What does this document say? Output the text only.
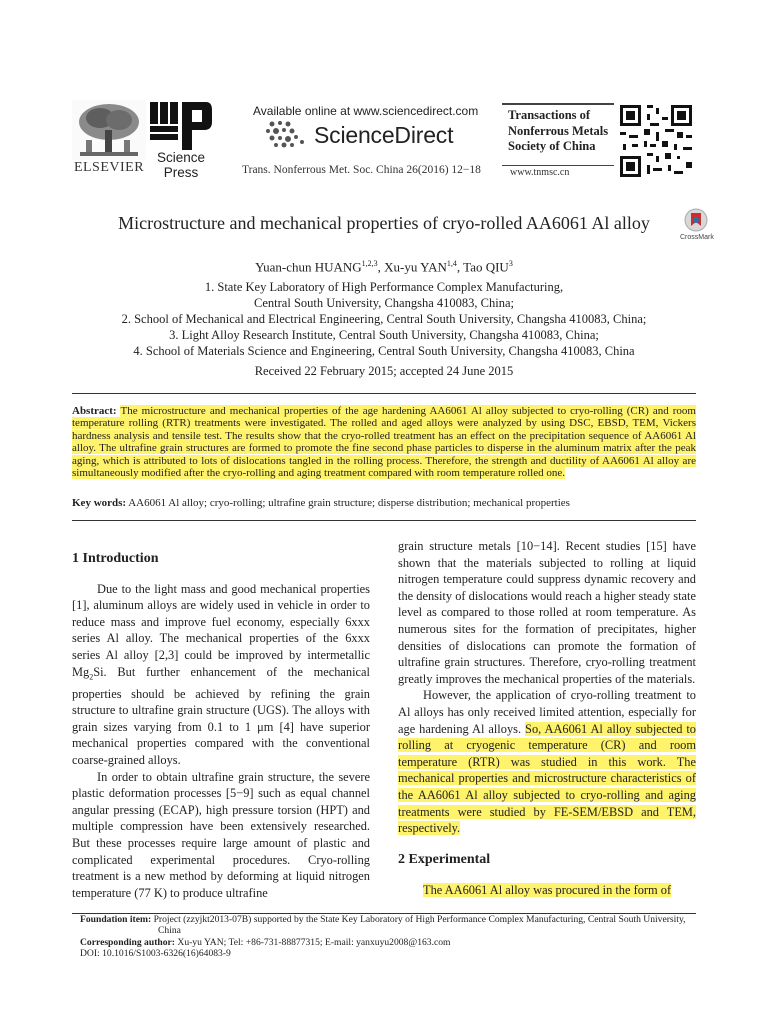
ELSEVIER
Science
Press
Available online at www.sciencedirect.com
ScienceDirect
Trans. Nonferrous Met. Soc. China 26(2016) 12−18
Transactions of
Nonferrous Metals
Society of China
www.tnmsc.cn
Microstructure and mechanical properties of cryo-rolled AA6061 Al alloy
CrossMark
Yuan-chun HUANG$^{1,2,3}$, Xu-yu YAN$^{1,4}$, Tao QIU$^3$
1. State Key Laboratory of High Performance Complex Manufacturing,
Central South University, Changsha 410083, China;
2. School of Mechanical and Electrical Engineering, Central South University, Changsha 410083, China;
3. Light Alloy Research Institute, Central South University, Changsha 410083, China;
4. School of Materials Science and Engineering, Central South University, Changsha 410083, China
Received 22 February 2015; accepted 24 June 2015
Abstract: The microstructure and mechanical properties of the age hardening AA6061 Al alloy subjected to cryo-rolling (CR) and room temperature rolling (RTR) treatments were investigated. The rolled and aged alloys were analyzed by using DSC, EBSD, TEM, Vickers hardness analysis and tensile test. The results show that the cryo-rolled treatment has an effect on the precipitation sequence of AA6061 Al alloy. The ultrafine grain structures are formed to promote the fine second phase particles to disperse in the aluminum matrix after the peak aging, which is attributed to lots of dislocations tangled in the rolling process. Therefore, the strength and ductility of AA6061 Al alloy are simultaneously modified after the cryo-rolling and aging treatment compared with room temperature rolled one.
Key words: AA6061 Al alloy; cryo-rolling; ultrafine grain structure; disperse distribution; mechanical properties
1 Introduction

Due to the light mass and good mechanical properties [1], aluminum alloys are widely used in vehicle in order to reduce mass and improve fuel economy, especially 6xxx series Al alloy. The mechanical properties of the 6xxx series Al alloy [2,3] could be improved by intermetallic $Mg_2Si$. But further enhancement of the mechanical properties should be achieved by refining the grain structure to ultrafine grain structure (UGS). The alloys with grain sizes varying from 0.1 to 1 μm [4] have superior mechanical properties compared with the conventional coarse-grained alloys.

In order to obtain ultrafine grain structure, the severe plastic deformation processes [5−9] such as equal channel angular pressing (ECAP), high pressure torsion (HPT) and multiple compression have been extensively researched. But these processes require large amount of plastic and complicated experimental procedures. Cryo-rolling treatment is a new method by deforming at liquid nitrogen temperature (77 K) to produce ultrafine

grain structure metals [10−14]. Recent studies [15] have shown that the materials subjected to rolling at liquid nitrogen temperature could suppress dynamic recovery and the density of dislocations would reach a higher steady state level as compared to those rolled at room temperature. As numerous sites for the formation of precipitates, higher densities of dislocations can promote the formation of ultrafine grain structures. Therefore, cryo-rolling treatment greatly improves the mechanical properties of the materials.

However, the application of cryo-rolling treatment to Al alloys has only received limited attention, especially for age hardening Al alloys. So, AA6061 Al alloy subjected to rolling at cryogenic temperature (CR) and room temperature (RTR) was studied in this work. The mechanical properties and microstructure characteristics of the AA6061 Al alloy subjected to cryo-rolling and aging treatments were studied by FE-SEM/EBSD and TEM, respectively.

2 Experimental

The AA6061 Al alloy was procured in the form of

Foundation item: Project (zzyjkt2013-07B) supported by the State Key Laboratory of High Performance Complex Manufacturing, Central South University,
China
Corresponding author: Xu-yu YAN; Tel: +86-731-88877315; E-mail: yanxuyu2008@163.com
DOI: 10.1016/S1003-6326(16)64083-9
